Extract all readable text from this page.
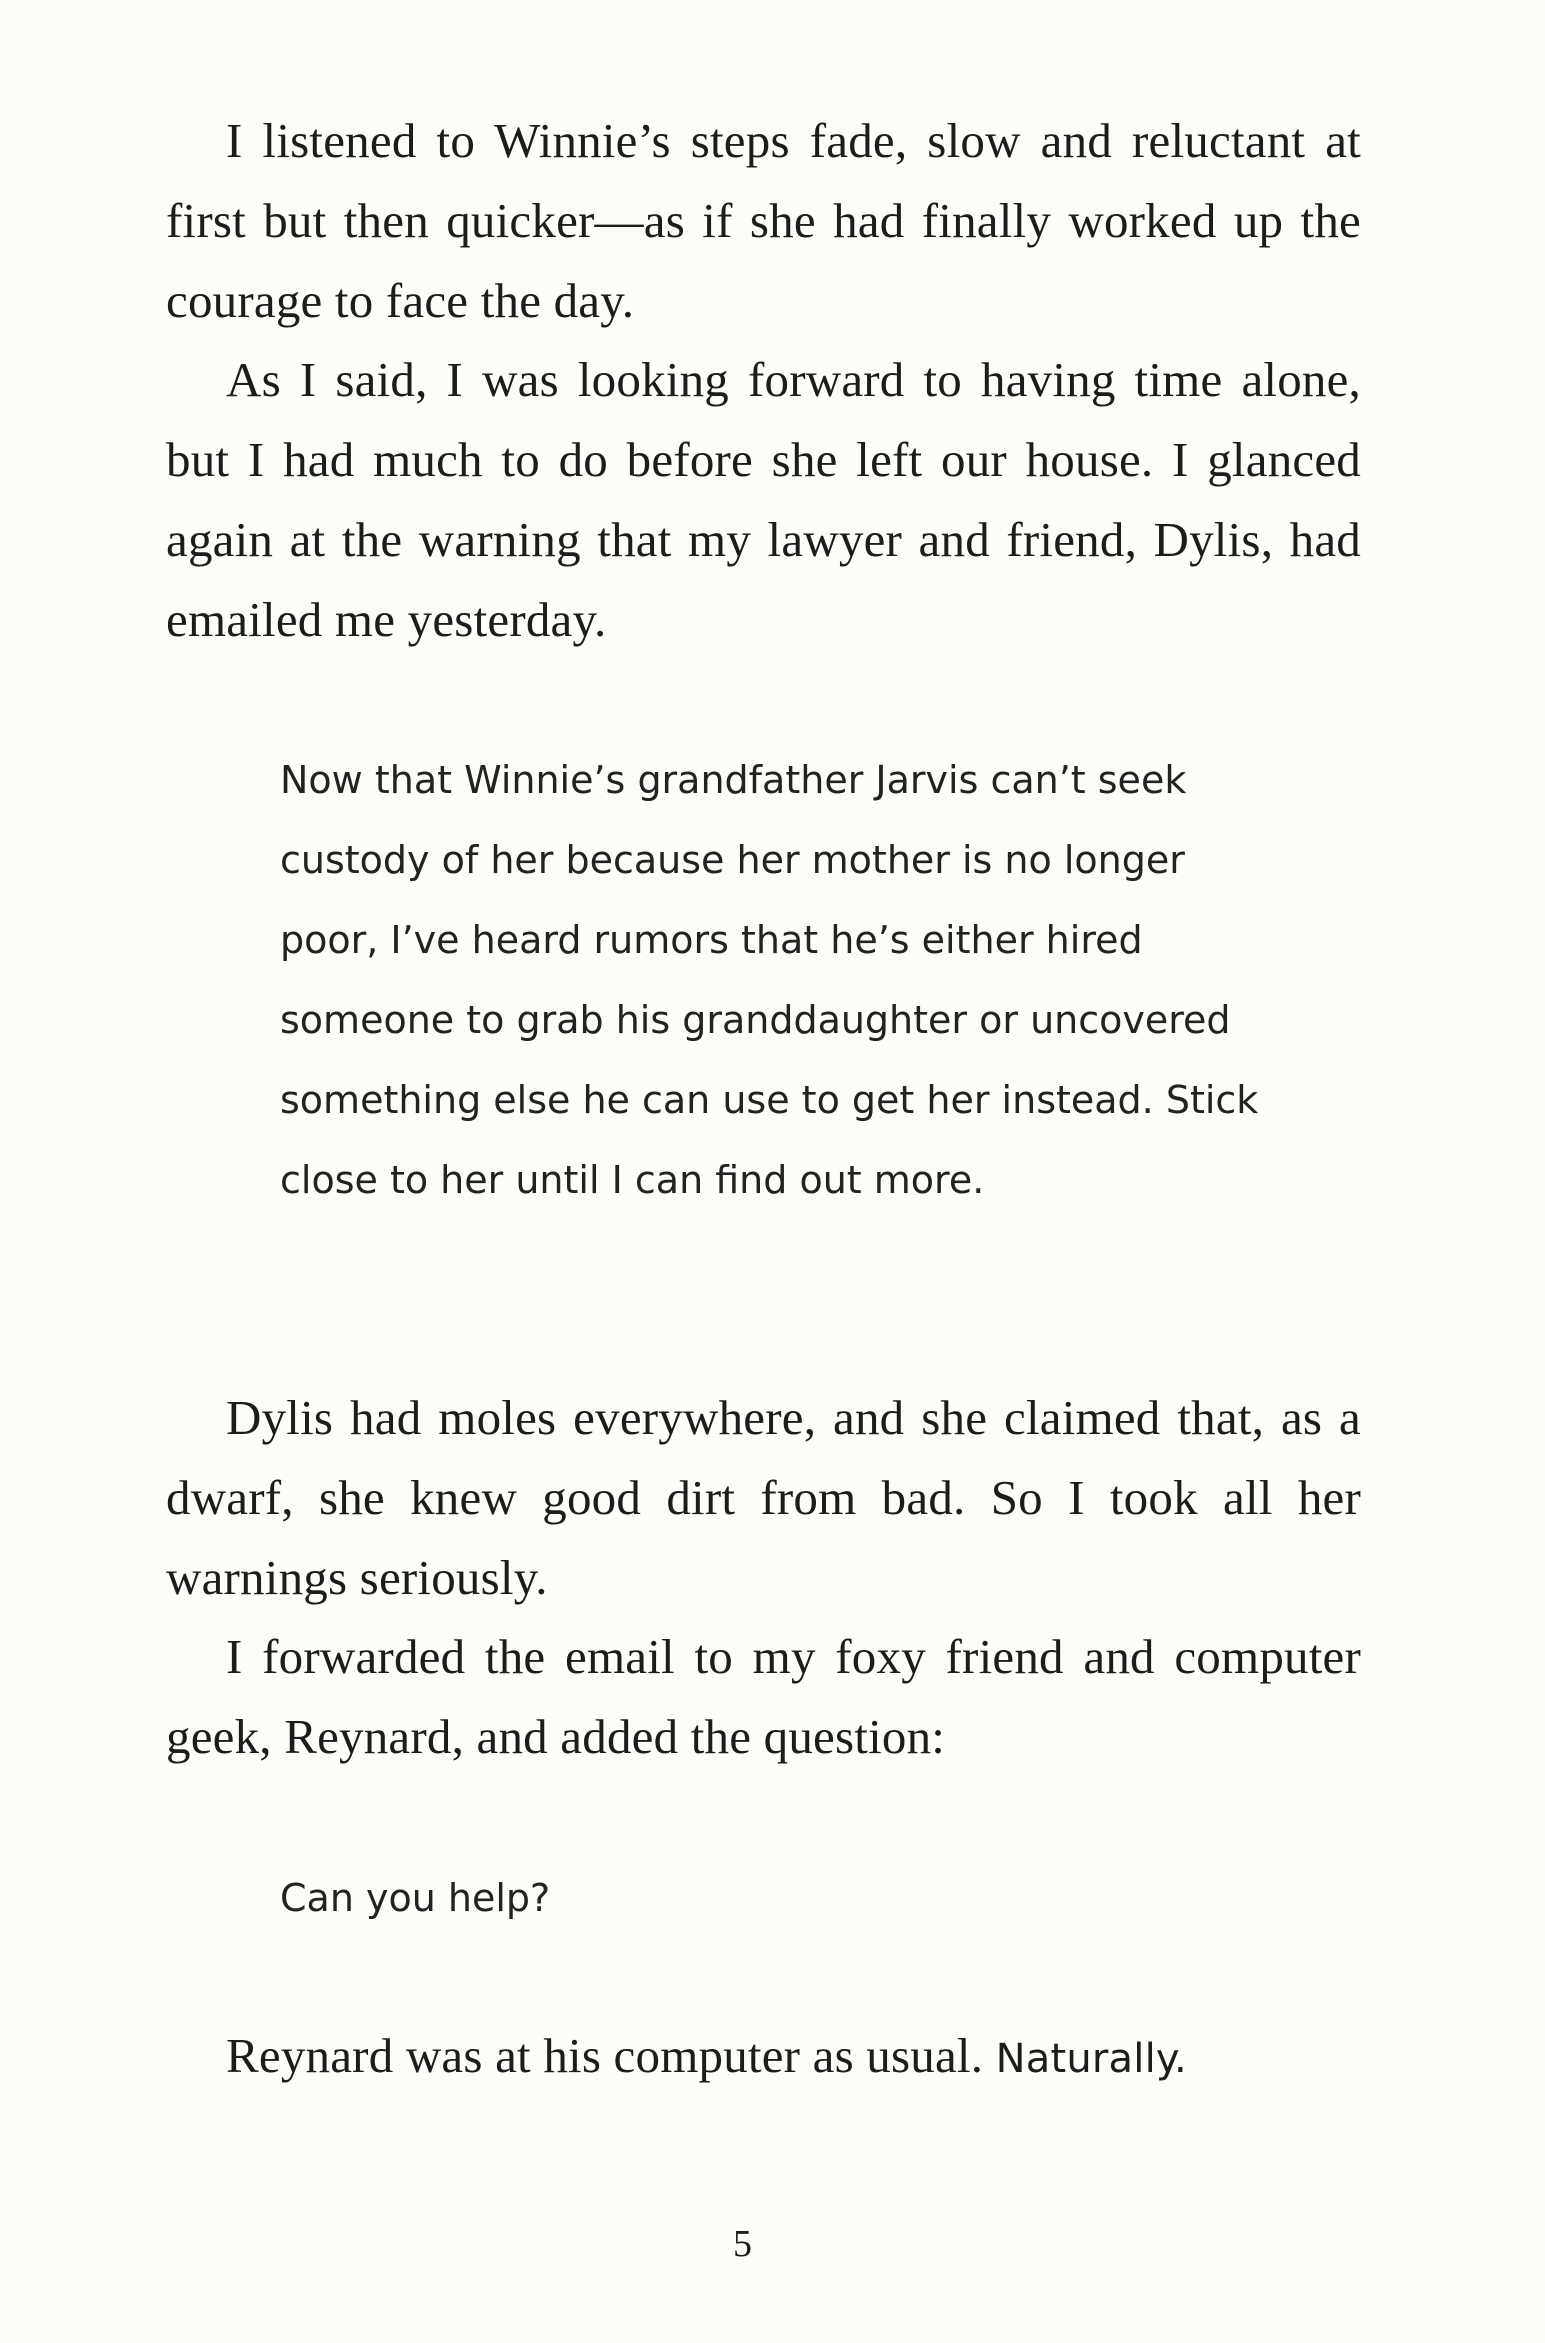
I listened to Winnie’s steps fade, slow and reluctant at first but then quicker—as if she had finally worked up the courage to face the day.

As I said, I was looking forward to having time alone, but I had much to do before she left our house. I glanced again at the warning that my lawyer and friend, Dylis, had emailed me yesterday.

Now that Winnie’s grandfather Jarvis can’t seek custody of her because her mother is no longer poor, I’ve heard rumors that he’s either hired someone to grab his granddaughter or uncovered something else he can use to get her instead. Stick close to her until I can find out more.

Dylis had moles everywhere, and she claimed that, as a dwarf, she knew good dirt from bad. So I took all her warnings seriously.

I forwarded the email to my foxy friend and computer geek, Reynard, and added the question:

Can you help?

Reynard was at his computer as usual. Naturally.

5
